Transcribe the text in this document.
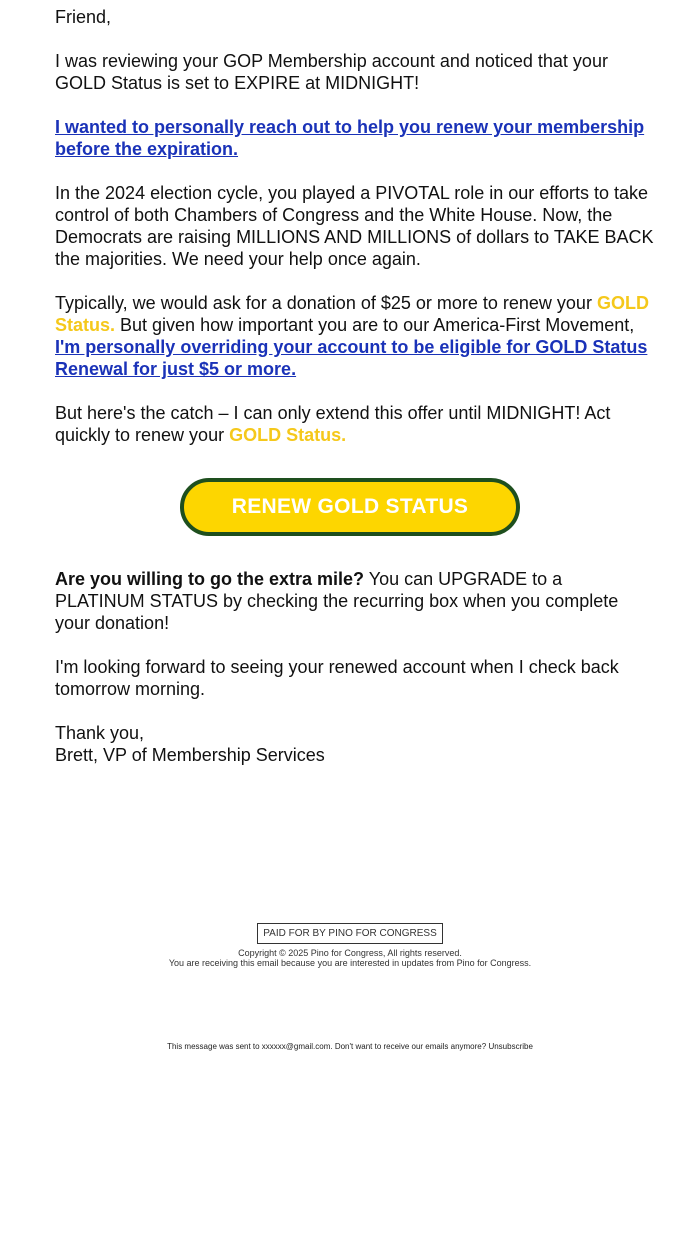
Friend,

I was reviewing your GOP Membership account and noticed that your GOLD Status is set to EXPIRE at MIDNIGHT!

I wanted to personally reach out to help you renew your membership before the expiration.

In the 2024 election cycle, you played a PIVOTAL role in our efforts to take control of both Chambers of Congress and the White House. Now, the Democrats are raising MILLIONS AND MILLIONS of dollars to TAKE BACK the majorities. We need your help once again.

Typically, we would ask for a donation of $25 or more to renew your GOLD Status. But given how important you are to our America-First Movement, I'm personally overriding your account to be eligible for GOLD Status Renewal for just $5 or more.

But here's the catch – I can only extend this offer until MIDNIGHT! Act quickly to renew your GOLD Status.

RENEW GOLD STATUS

Are you willing to go the extra mile? You can UPGRADE to a PLATINUM STATUS by checking the recurring box when you complete your donation!

I'm looking forward to seeing your renewed account when I check back tomorrow morning.

Thank you,
Brett, VP of Membership Services
PAID FOR BY PINO FOR CONGRESS
Copyright © 2025 Pino for Congress, All rights reserved.
You are receiving this email because you are interested in updates from Pino for Congress.
This message was sent to xxxxxx@gmail.com. Don't want to receive our emails anymore? Unsubscribe
